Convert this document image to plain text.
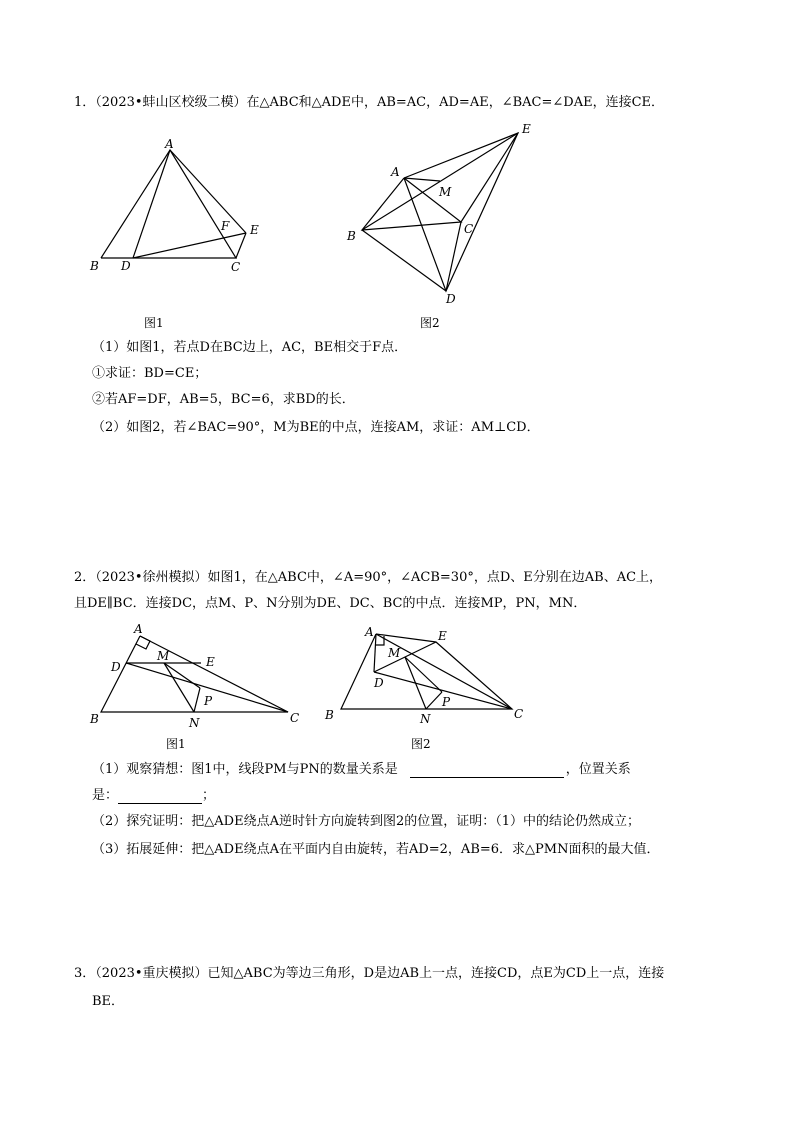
1．（2023•蚌山区校级二模）在△ABC和△ADE中，AB=AC，AD=AE，∠BAC=∠DAE，连接CE．
A
B	C
D
E
F
A
B	C
D
E
M
图1	图2
（1）如图1，若点D在BC边上，AC，BE相交于F点．
①求证：BD=CE；
②若AF=DF，AB=5，BC=6，求BD的长．
（2）如图2，若∠BAC=90°，M为BE的中点，连接AM，求证：AM⊥CD．
2．（2023•徐州模拟）如图1，在△ABC中，∠A=90°，∠ACB=30°，点D、E分别在边AB、AC上，
且DE∥BC．连接DC，点M、P、N分别为DE、DC、BC的中点．连接MP，PN，MN．
A
B	C
D	E
M
N
P
A
B	C
D
E
M
N
P
图1	图2
（1）观察猜想：图1中，线段PM与PN的数量关系是	，位置关系
是：	；
（2）探究证明：把△ADE绕点A逆时针方向旋转到图2的位置，证明：（1）中的结论仍然成立；
（3）拓展延伸：把△ADE绕点A在平面内自由旋转，若AD=2，AB=6．求△PMN面积的最大值．
3．（2023•重庆模拟）已知△ABC为等边三角形，D是边AB上一点，连接CD，点E为CD上一点，连接
BE．
